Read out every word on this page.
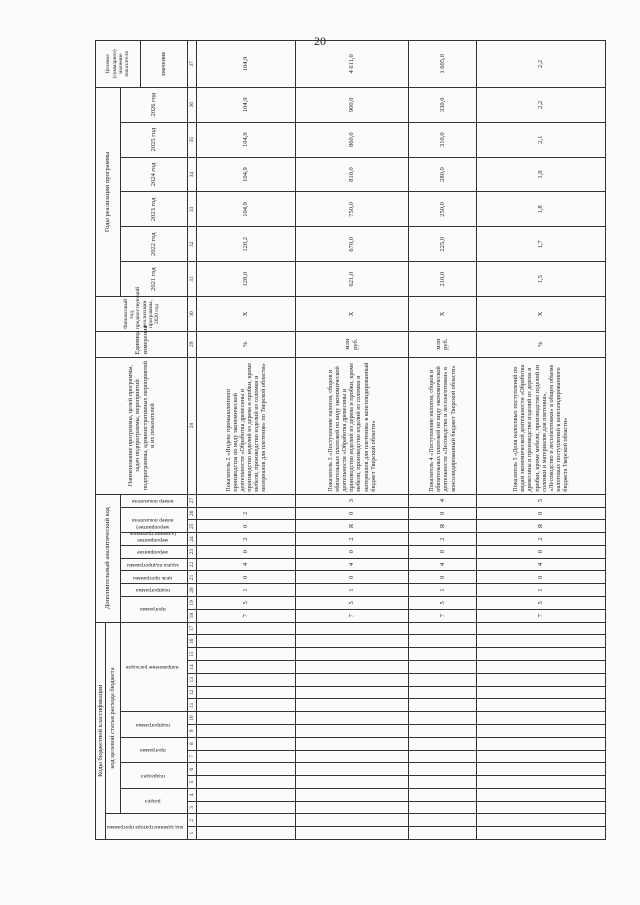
20
Коды бюджетной классификации																	Дополнительный аналитический код										Наименование программы, целей программы, задач подпрограммы, мероприятий подпрограммы, административных мероприятий и их показателей	Единица измерения	Финансовый год, предшествующий реализации программы, 2020 год	Годы реализации программы						Целевое (суммарное) значение показателя
код администратора программы		код целевой статьи расхода бюджета																																		
		раздел		подраздел		программа		подпрограмма		направление расходов							программа		подпрограмма	цель программы	задача подпрограммы	мероприятие	мероприятие (административное мероприятие)	номер показателя		номер показателя				2021 год	2022 год	2023 год	2024 год	2025 год	2026 год	
																																				значение
1	2	3	4	5	6	7	8	9	10	11	12	13	14	15	16	17	18	19	20	21	22	23	24	25	26	27	28	29	30	31	32	33	34	35	36	37
																	7	5	1	0	4	0	2	0	2		Показатель 2 «Индекс промышленного производства по виду экономической деятельности «Обработка древесины и производство изделий из дерева и пробки, кроме мебели, производство изделий из соломки и материалов для плетения» по Тверской области»	%	X	128,0	120,2	104,9	104,9	104,9	104,9	104,9
																	7	5	1	0	4	0	2	Я	0	3	Показатель 3 «Поступление налогов, сборов и обязательных платежей по виду экономической деятельности «Обработка древесины и производство изделий из дерева и пробки, кроме мебели, производство изделий из соломки и материалов для плетения» в консолидированный бюджет Тверской области»	млн руб.	X	621,0	670,0	750,0	810,0	860,0	900,0	4 611,0
																	7	5	1	0	4	0	2	Я	0	4	Показатель 4 «Поступление налогов, сборов и обязательных платежей по виду экономической деятельности «Лесоводство и лесозаготовки» в консолидированный бюджет Тверской области»	млн руб.	X	210,0	225,0	250,0	280,0	310,0	330,0	1 605,0
																	7	5	1	0	4	0	2	Я	0	5	Показатель 5 «Доля налоговых поступлений по видам экономической деятельности «Обработка древесины и производство изделий из дерева и пробки, кроме мебели, производство изделий из соломки и материалов для плетения», «Лесоводство и лесозаготовки» в общем объеме налоговых поступлений в консолидированного бюджета Тверской области»	%	X	1,5	1,7	1,8	1,9	2,1	2,2	2,2
